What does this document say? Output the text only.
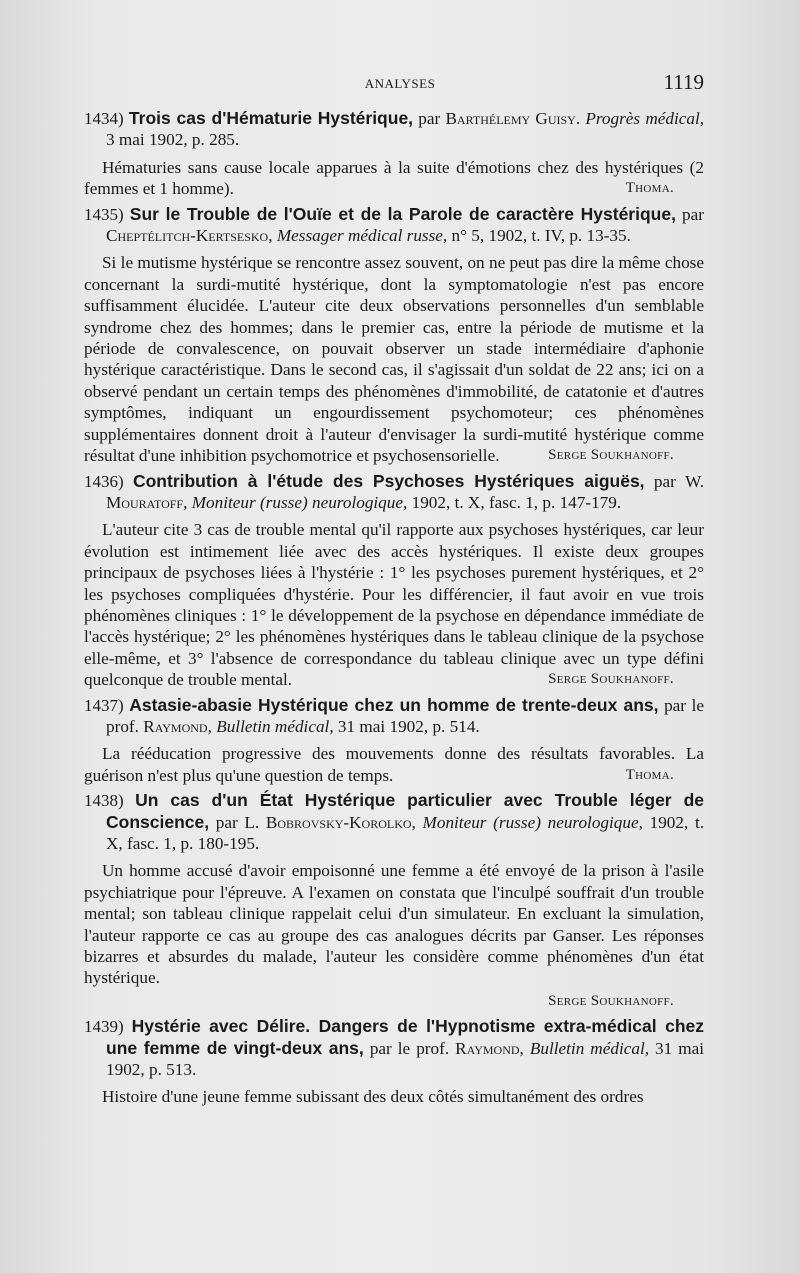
ANALYSES	1119
1434) Trois cas d'Hématurie Hystérique, par Barthélemy Guisy. Progrès médical, 3 mai 1902, p. 285.

Hématuries sans cause locale apparues à la suite d'émotions chez des hystériques (2 femmes et 1 homme).	Thoma.

1435) Sur le Trouble de l'Ouïe et de la Parole de caractère Hystérique, par Cheptélitch-Kertsesko, Messager médical russe, n° 5, 1902, t. IV, p. 13-35.

Si le mutisme hystérique se rencontre assez souvent, on ne peut pas dire la même chose concernant la surdi-mutité hystérique, dont la symptomatologie n'est pas encore suffisamment élucidée. L'auteur cite deux observations personnelles d'un semblable syndrome chez des hommes; dans le premier cas, entre la période de mutisme et la période de convalescence, on pouvait observer un stade intermédiaire d'aphonie hystérique caractéristique. Dans le second cas, il s'agissait d'un soldat de 22 ans; ici on a observé pendant un certain temps des phénomènes d'immobilité, de catatonie et d'autres symptômes, indiquant un engourdissement psychomoteur; ces phénomènes supplémentaires donnent droit à l'auteur d'envisager la surdi-mutité hystérique comme résultat d'une inhibition psychomotrice et psychosensorielle.	Serge Soukhanoff.

1436) Contribution à l'étude des Psychoses Hystériques aiguës, par W. Mouratoff, Moniteur (russe) neurologique, 1902, t. X, fasc. 1, p. 147-179.

L'auteur cite 3 cas de trouble mental qu'il rapporte aux psychoses hystériques, car leur évolution est intimement liée avec des accès hystériques. Il existe deux groupes principaux de psychoses liées à l'hystérie : 1° les psychoses purement hystériques, et 2° les psychoses compliquées d'hystérie. Pour les différencier, il faut avoir en vue trois phénomènes cliniques : 1° le développement de la psychose en dépendance immédiate de l'accès hystérique; 2° les phénomènes hystériques dans le tableau clinique de la psychose elle-même, et 3° l'absence de correspondance du tableau clinique avec un type défini quelconque de trouble mental.	Serge Soukhanoff.

1437) Astasie-abasie Hystérique chez un homme de trente-deux ans, par le prof. Raymond, Bulletin médical, 31 mai 1902, p. 514.

La rééducation progressive des mouvements donne des résultats favorables. La guérison n'est plus qu'une question de temps.	Thoma.

1438) Un cas d'un État Hystérique particulier avec Trouble léger de Conscience, par L. Bobrovsky-Korolko, Moniteur (russe) neurologique, 1902, t. X, fasc. 1, p. 180-195.

Un homme accusé d'avoir empoisonné une femme a été envoyé de la prison à l'asile psychiatrique pour l'épreuve. A l'examen on constata que l'inculpé souffrait d'un trouble mental; son tableau clinique rappelait celui d'un simulateur. En excluant la simulation, l'auteur rapporte ce cas au groupe des cas analogues décrits par Ganser. Les réponses bizarres et absurdes du malade, l'auteur les considère comme phénomènes d'un état hystérique.

Serge Soukhanoff.
1439) Hystérie avec Délire. Dangers de l'Hypnotisme extra-médical chez une femme de vingt-deux ans, par le prof. Raymond, Bulletin médical, 31 mai 1902, p. 513.

Histoire d'une jeune femme subissant des deux côtés simultanément des ordres
